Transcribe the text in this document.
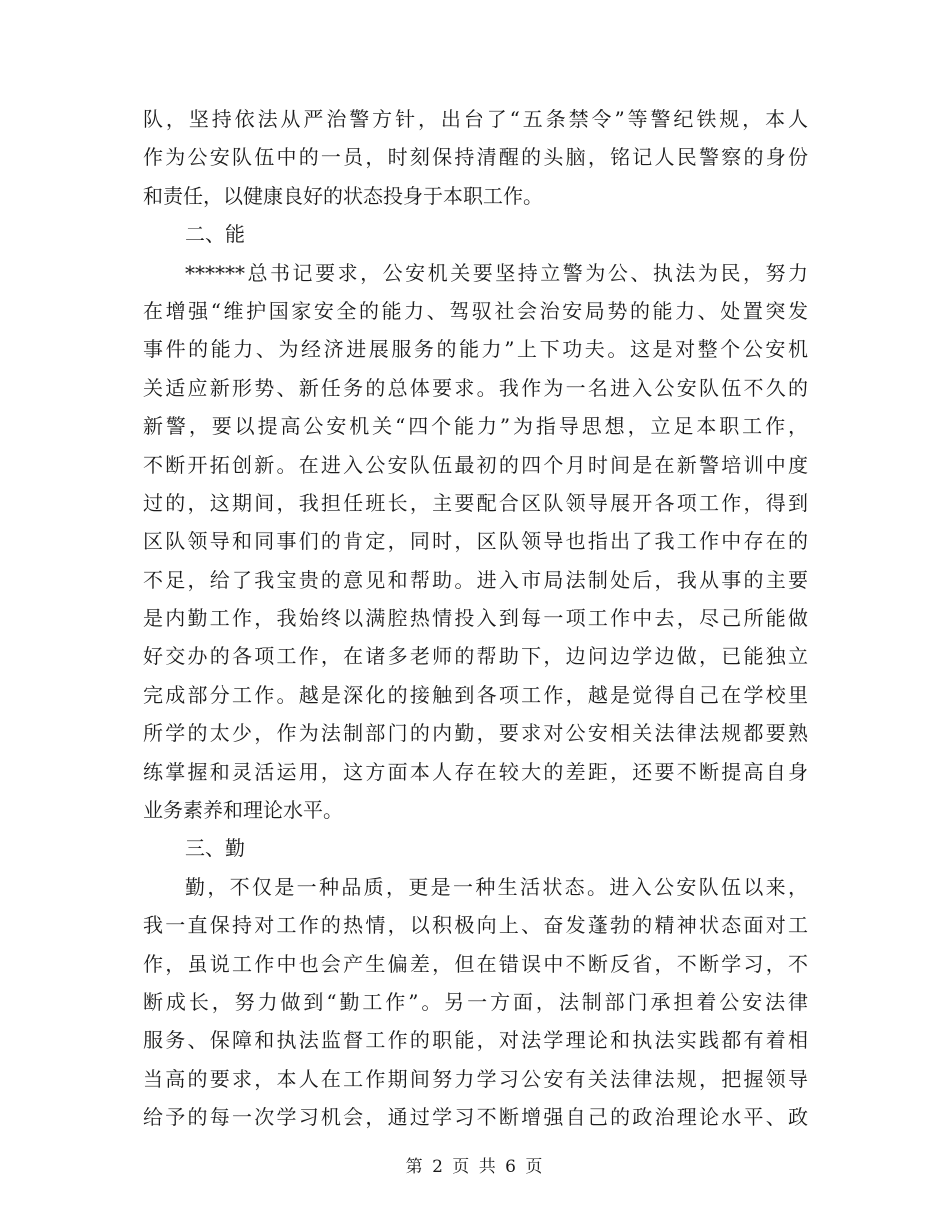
队，坚持依法从严治警方针，出台了“五条禁令”等警纪铁规，本人
作为公安队伍中的一员，时刻保持清醒的头脑，铭记人民警察的身份
和责任，以健康良好的状态投身于本职工作。
二、能
******总书记要求，公安机关要坚持立警为公、执法为民，努力
在增强“维护国家安全的能力、驾驭社会治安局势的能力、处置突发
事件的能力、为经济进展服务的能力”上下功夫。这是对整个公安机
关适应新形势、新任务的总体要求。我作为一名进入公安队伍不久的
新警，要以提高公安机关“四个能力”为指导思想，立足本职工作，
不断开拓创新。在进入公安队伍最初的四个月时间是在新警培训中度
过的，这期间，我担任班长，主要配合区队领导展开各项工作，得到
区队领导和同事们的肯定，同时，区队领导也指出了我工作中存在的
不足，给了我宝贵的意见和帮助。进入市局法制处后，我从事的主要
是内勤工作，我始终以满腔热情投入到每一项工作中去，尽己所能做
好交办的各项工作，在诸多老师的帮助下，边问边学边做，已能独立
完成部分工作。越是深化的接触到各项工作，越是觉得自己在学校里
所学的太少，作为法制部门的内勤，要求对公安相关法律法规都要熟
练掌握和灵活运用，这方面本人存在较大的差距，还要不断提高自身
业务素养和理论水平。
三、勤
勤，不仅是一种品质，更是一种生活状态。进入公安队伍以来，
我一直保持对工作的热情，以积极向上、奋发蓬勃的精神状态面对工
作，虽说工作中也会产生偏差，但在错误中不断反省，不断学习，不
断成长，努力做到“勤工作”。另一方面，法制部门承担着公安法律
服务、保障和执法监督工作的职能，对法学理论和执法实践都有着相
当高的要求，本人在工作期间努力学习公安有关法律法规，把握领导
给予的每一次学习机会，通过学习不断增强自己的政治理论水平、政
第 2 页 共 6 页
